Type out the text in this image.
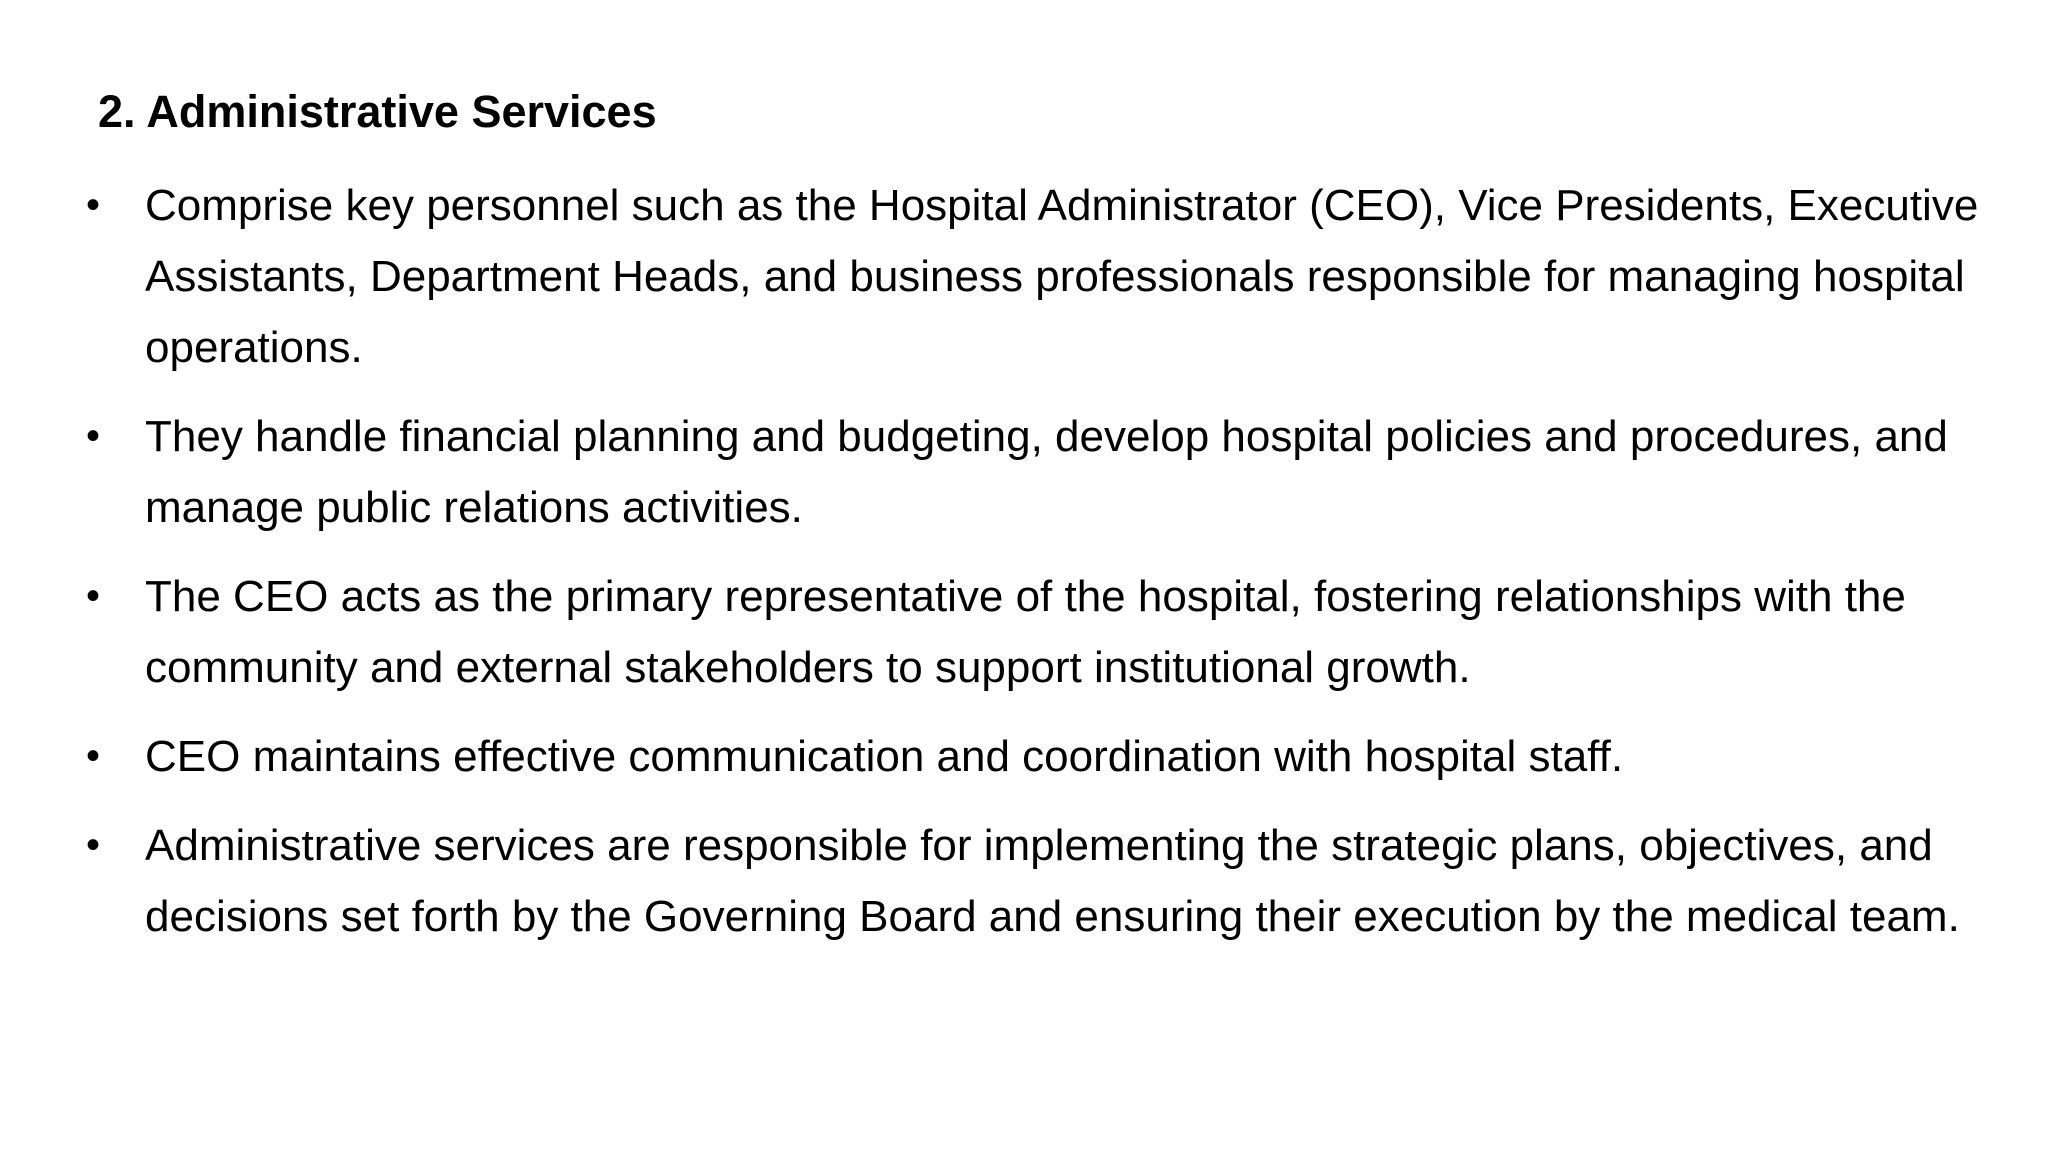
2. Administrative Services
•	Comprise key personnel such as the Hospital Administrator (CEO), Vice Presidents, Executive Assistants, Department Heads, and business professionals responsible for managing hospital operations.
•	They handle financial planning and budgeting, develop hospital policies and procedures, and manage public relations activities.
•	The CEO acts as the primary representative of the hospital, fostering relationships with the community and external stakeholders to support institutional growth.
•	CEO maintains effective communication and coordination with hospital staff.
•	Administrative services are responsible for implementing the strategic plans, objectives, and decisions set forth by the Governing Board and ensuring their execution by the medical team.
